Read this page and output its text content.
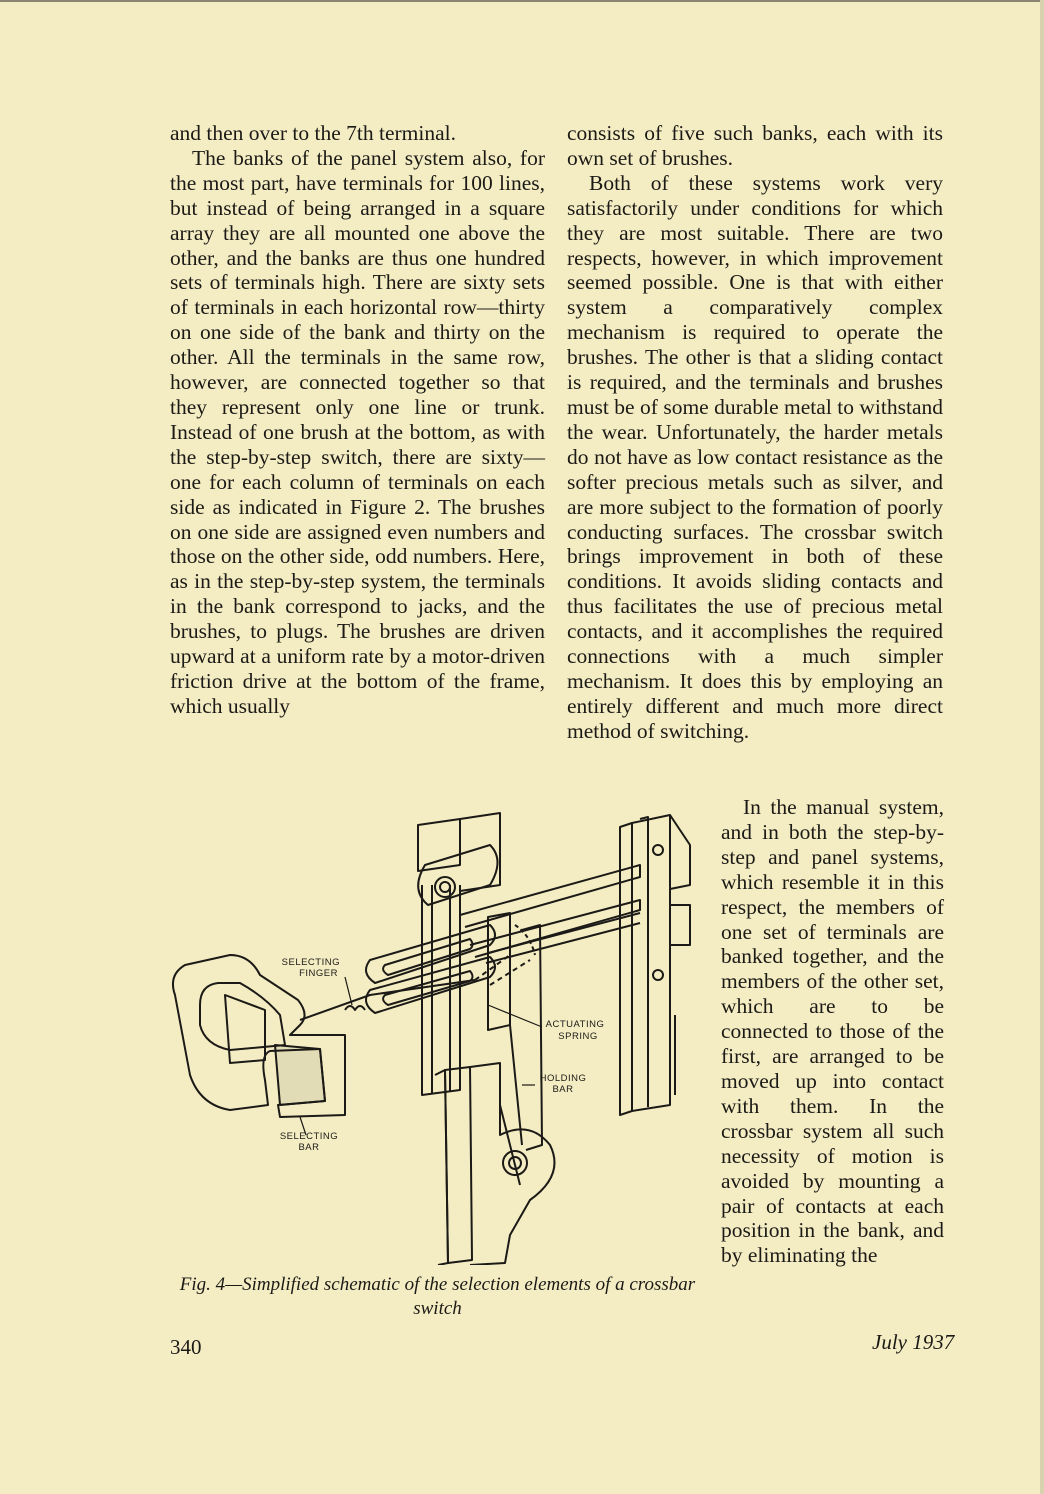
and then over to the 7th terminal.

The banks of the panel system also, for the most part, have terminals for 100 lines, but instead of being arranged in a square array they are all mounted one above the other, and the banks are thus one hundred sets of terminals high. There are sixty sets of terminals in each horizontal row—thirty on one side of the bank and thirty on the other. All the terminals in the same row, however, are connected together so that they represent only one line or trunk. Instead of one brush at the bottom, as with the step-by-step switch, there are sixty—one for each column of terminals on each side as indicated in Figure 2. The brushes on one side are assigned even numbers and those on the other side, odd numbers. Here, as in the step-by-step system, the terminals in the bank correspond to jacks, and the brushes, to plugs. The brushes are driven upward at a uniform rate by a motor-driven friction drive at the bottom of the frame, which usually

consists of five such banks, each with its own set of brushes.

Both of these systems work very satisfactorily under conditions for which they are most suitable. There are two respects, however, in which improvement seemed possible. One is that with either system a comparatively complex mechanism is required to operate the brushes. The other is that a sliding contact is required, and the terminals and brushes must be of some durable metal to withstand the wear. Unfortunately, the harder metals do not have as low contact resistance as the softer precious metals such as silver, and are more subject to the formation of poorly conducting surfaces. The crossbar switch brings improvement in both of these conditions. It avoids sliding contacts and thus facilitates the use of precious metal contacts, and it accomplishes the required connections with a much simpler mechanism. It does this by employing an entirely different and much more direct method of switching.

In the manual system, and in both the step-by-step and panel systems, which resemble it in this respect, the members of one set of terminals are banked together, and the members of the other set, which are to be connected to those of the first, are arranged to be moved up into contact with them. In the crossbar system all such necessity of motion is avoided by mounting a pair of contacts at each position in the bank, and by eliminating the

SELECTING
FINGER
ACTUATING
SPRING
HOLDING
BAR
SELECTING
BAR
Fig. 4—Simplified schematic of the selection elements of a crossbar switch
340	July 1937
